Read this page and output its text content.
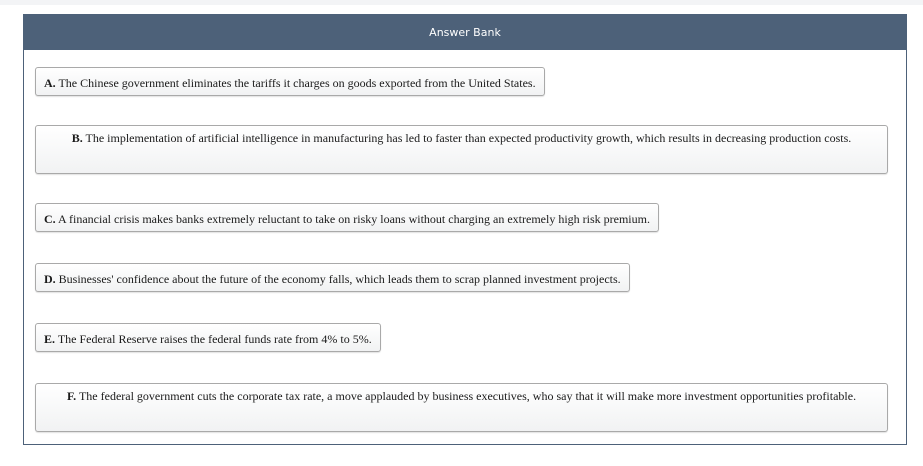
Answer Bank
A. The Chinese government eliminates the tariffs it charges on goods exported from the United States.
B. The implementation of artificial intelligence in manufacturing has led to faster than expected productivity growth, which results in decreasing production costs.
C. A financial crisis makes banks extremely reluctant to take on risky loans without charging an extremely high risk premium.
D. Businesses' confidence about the future of the economy falls, which leads them to scrap planned investment projects.
E. The Federal Reserve raises the federal funds rate from 4% to 5%.
F. The federal government cuts the corporate tax rate, a move applauded by business executives, who say that it will make more investment opportunities profitable.
